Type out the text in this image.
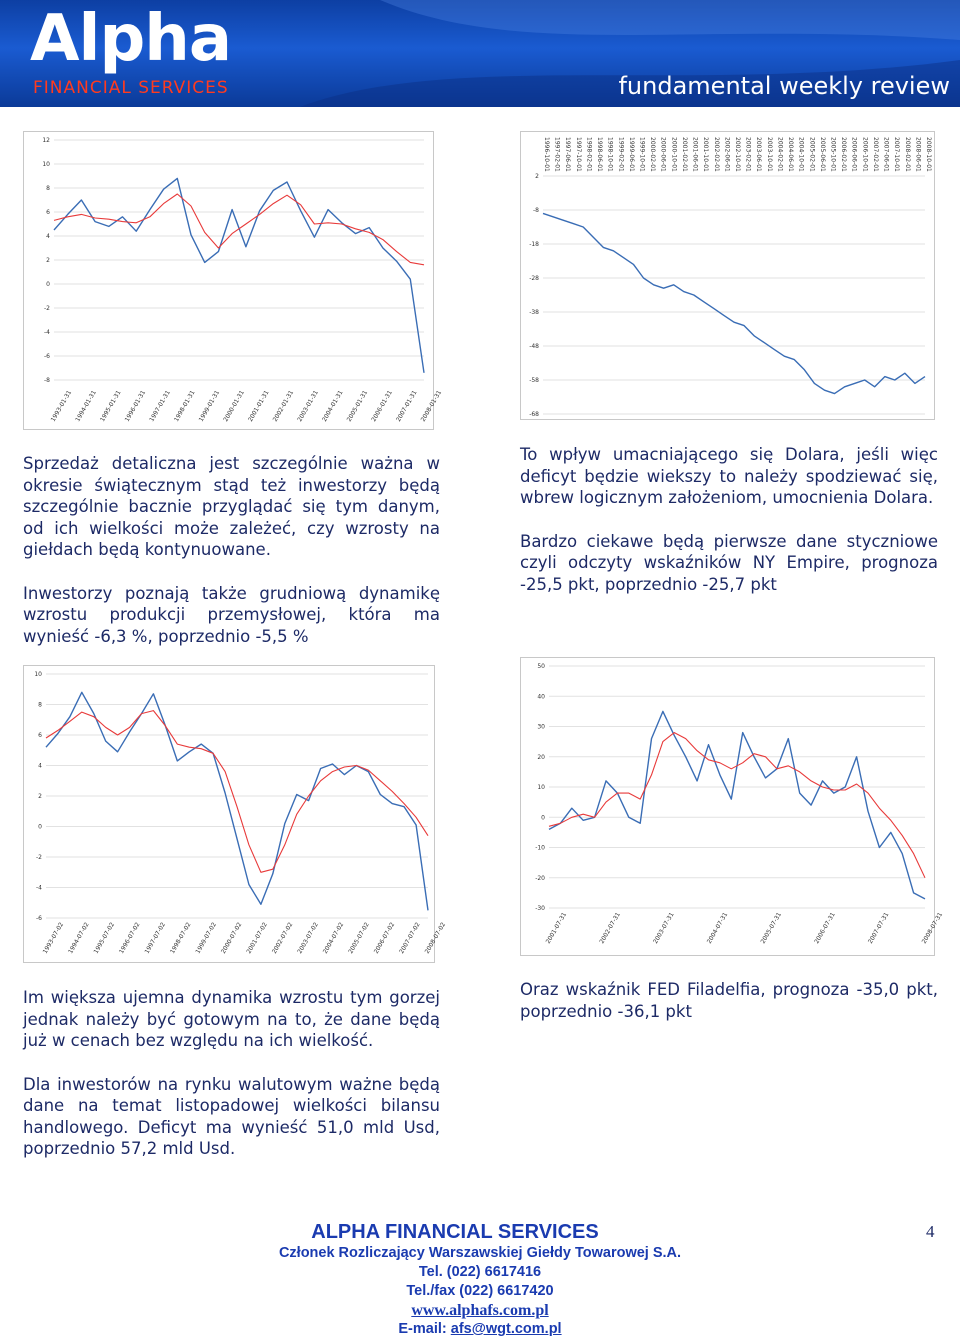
Alpha
FINANCIAL SERVICES	fundamental weekly review
12
10
8
6
4
2
0
-2
-4
-6
-8
1993-01-31 1994-01-31 1995-01-31 1996-01-31 1997-01-31 1998-01-31 1999-01-31 2000-01-31 2001-01-31 2002-01-31 2003-01-31 2004-01-31 2005-01-31 2006-01-31 2007-01-31 2008-01-31
2
-8
-18
-28
-38
-48
-58
-68
1996-10-01 1997-02-01 1997-06-01 1997-10-01 1998-02-01 1998-06-01 1998-10-01 1999-02-01 1999-06-01 1999-10-01 2000-02-01 2000-06-01 2000-10-01 2001-02-01 2001-06-01 2001-10-01 2002-02-01 2002-06-01 2002-10-01 2003-02-01 2003-06-01 2003-10-01 2004-02-01 2004-06-01 2004-10-01 2005-02-01 2005-06-01 2005-10-01 2006-02-01 2006-06-01 2006-10-01 2007-02-01 2007-06-01 2007-10-01 2008-02-01 2008-06-01 2008-10-01

Sprzedaż detaliczna jest szczególnie ważna w okresie świątecznym stąd też inwestorzy będą szczególnie bacznie przyglądać się tym danym, od ich wielkości może zależeć, czy wzrosty na giełdach będą kontynuowane.

Inwestorzy poznają także grudniową dynamikę wzrostu produkcji przemysłowej, która ma wynieść -6,3 %, poprzednio -5,5 %

To wpływ umacniającego się Dolara, jeśli więc deficyt będzie wiekszy to należy spodziewać się, wbrew logicznym założeniom, umocnienia Dolara.

Bardzo ciekawe będą pierwsze dane styczniowe czyli odczyty wskaźników NY Empire, prognoza -25,5 pkt, poprzednio -25,7 pkt

10
8
6
4
2
0
-2
-4
-6
1993-07-02 1994-07-02 1995-07-02 1996-07-02 1997-07-02 1998-07-02 1999-07-02 2000-07-02 2001-07-02 2002-07-02 2003-07-02 2004-07-02 2005-07-02 2006-07-02 2007-07-02 2008-07-02
50
40
30
20
10
0
-10
-20
-30
2001-07-31	2002-07-31	2003-07-31	2004-07-31	2005-07-31	2006-07-31	2007-07-31	2008-07-31

Im większa ujemna dynamika wzrostu tym gorzej jednak należy być gotowym na to, że dane będą już w cenach bez względu na ich wielkość.

Dla inwestorów na rynku walutowym ważne będą dane na temat listopadowej wielkości bilansu handlowego. Deficyt ma wynieść 51,0 mld Usd, poprzednio 57,2 mld Usd.

Oraz wskaźnik FED Filadelfia, prognoza -35,0 pkt, poprzednio -36,1 pkt

ALPHA FINANCIAL SERVICES
Członek Rozliczający Warszawskiej Giełdy Towarowej S.A.
Tel. (022) 6617416
Tel./fax (022) 6617420
www.alphafs.com.pl
E-mail: afs@wgt.com.pl
4
